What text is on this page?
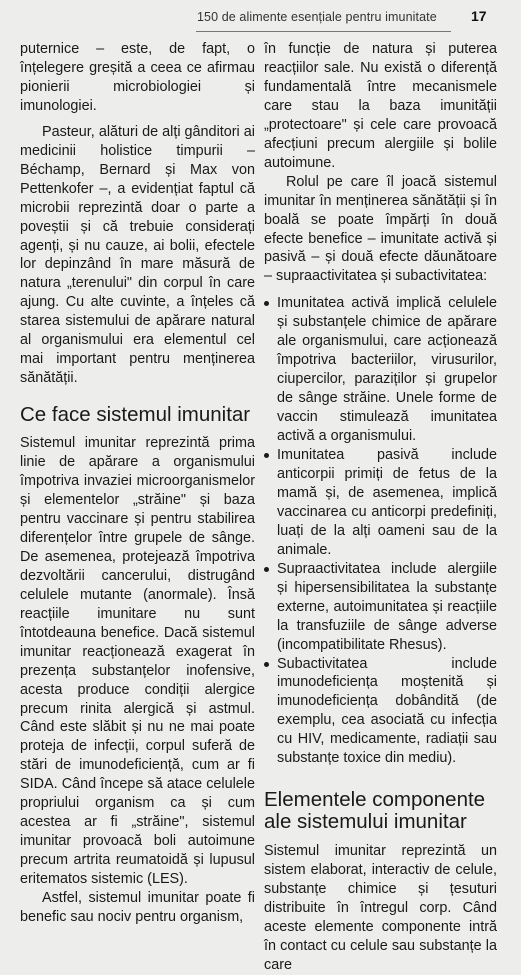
150 de alimente esențiale pentru imunitate 17

puternice – este, de fapt, o înțelegere greșită a ceea ce afirmau pionierii microbiologiei și imunologiei.

Pasteur, alături de alți gânditori ai medicinii holistice timpurii – Béchamp, Bernard și Max von Pettenkofer –, a evidențiat faptul că microbii reprezintă doar o parte a poveștii și că trebuie considerați agenți, și nu cauze, ai bolii, efectele lor depinzând în mare măsură de natura „terenului" din corpul în care ajung. Cu alte cuvinte, a înțeles că starea sistemului de apărare natural al organismului era elementul cel mai important pentru menținerea sănătății.

Ce face sistemul imunitar

Sistemul imunitar reprezintă prima linie de apărare a organismului împotriva invaziei microorganismelor și elementelor „străine" și baza pentru vaccinare și pentru stabilirea diferențelor între grupele de sânge. De asemenea, protejează împotriva dezvoltării cancerului, distrugând celulele mutante (anormale). Însă reacțiile imunitare nu sunt întotdeauna benefice. Dacă sistemul imunitar reacționează exagerat în prezența substanțelor inofensive, acesta produce condiții alergice precum rinita alergică și astmul. Când este slăbit și nu ne mai poate proteja de infecții, corpul suferă de stări de imunodeficiență, cum ar fi SIDA. Când începe să atace celulele propriului organism ca și cum acestea ar fi „străine", sistemul imunitar provoacă boli autoimune precum artrita reumatoidă și lupusul eritematos sistemic (LES).

Astfel, sistemul imunitar poate fi benefic sau nociv pentru organism,

în funcție de natura și puterea reacțiilor sale. Nu există o diferență fundamentală între mecanismele care stau la baza imunității „protectoare" și cele care provoacă afecțiuni precum alergiile și bolile autoimune.

Rolul pe care îl joacă sistemul imunitar în menținerea sănătății și în boală se poate împărți în două efecte benefice – imunitate activă și pasivă – și două efecte dăunătoare – supraactivitatea și subactivitatea:

Imunitatea activă implică celulele și substanțele chimice de apărare ale organismului, care acționează împotriva bacteriilor, virusurilor, ciupercilor, paraziților și grupelor de sânge străine. Unele forme de vaccin stimulează imunitatea activă a organismului.
Imunitatea pasivă include anticorpii primiți de fetus de la mamă și, de asemenea, implică vaccinarea cu anticorpi predefiniți, luați de la alți oameni sau de la animale.
Supraactivitatea include alergiile și hipersensibilitatea la substanțe externe, autoimunitatea și reacțiile la transfuziile de sânge adverse (incompatibilitate Rhesus).
Subactivitatea include imunodeficiența moștenită și imunodeficiența dobândită (de exemplu, cea asociată cu infecția cu HIV, medicamente, radiații sau substanțe toxice din mediu).
Elementele componente ale sistemului imunitar

Sistemul imunitar reprezintă un sistem elaborat, interactiv de celule, substanțe chimice și țesuturi distribuite în întregul corp. Când aceste elemente componente intră în contact cu celule sau substanțe la care
